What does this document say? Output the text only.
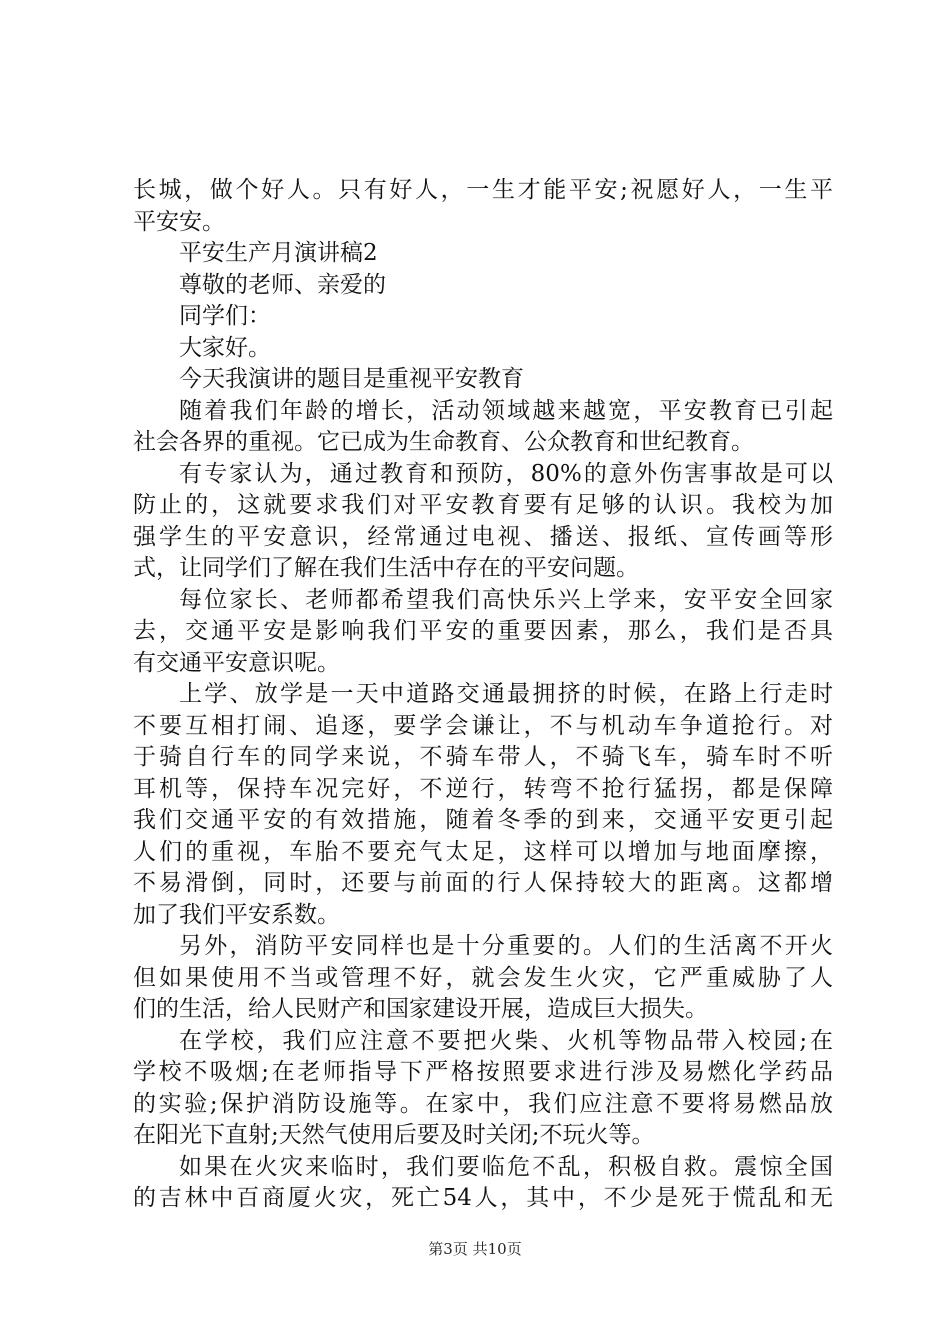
长城，做个好人。只有好人，一生才能平安;祝愿好人，一生平
平安安。
平安生产月演讲稿2
尊敬的老师、亲爱的
同学们：
大家好。
今天我演讲的题目是重视平安教育
随着我们年龄的增长，活动领域越来越宽，平安教育已引起
社会各界的重视。它已成为生命教育、公众教育和世纪教育。
有专家认为，通过教育和预防，80%的意外伤害事故是可以
防止的，这就要求我们对平安教育要有足够的认识。我校为加
强学生的平安意识，经常通过电视、播送、报纸、宣传画等形
式，让同学们了解在我们生活中存在的平安问题。
每位家长、老师都希望我们高快乐兴上学来，安平安全回家
去，交通平安是影响我们平安的重要因素，那么，我们是否具
有交通平安意识呢。
上学、放学是一天中道路交通最拥挤的时候，在路上行走时
不要互相打闹、追逐，要学会谦让，不与机动车争道抢行。对
于骑自行车的同学来说，不骑车带人，不骑飞车，骑车时不听
耳机等，保持车况完好，不逆行，转弯不抢行猛拐，都是保障
我们交通平安的有效措施，随着冬季的到来，交通平安更引起
人们的重视，车胎不要充气太足，这样可以增加与地面摩擦，
不易滑倒，同时，还要与前面的行人保持较大的距离。这都增
加了我们平安系数。
另外，消防平安同样也是十分重要的。人们的生活离不开火
但如果使用不当或管理不好，就会发生火灾，它严重威胁了人
们的生活，给人民财产和国家建设开展，造成巨大损失。
在学校，我们应注意不要把火柴、火机等物品带入校园;在
学校不吸烟;在老师指导下严格按照要求进行涉及易燃化学药品
的实验;保护消防设施等。在家中，我们应注意不要将易燃品放
在阳光下直射;天然气使用后要及时关闭;不玩火等。
如果在火灾来临时，我们要临危不乱，积极自救。震惊全国
的吉林中百商厦火灾，死亡54人，其中，不少是死于慌乱和无
第3页 共10页
